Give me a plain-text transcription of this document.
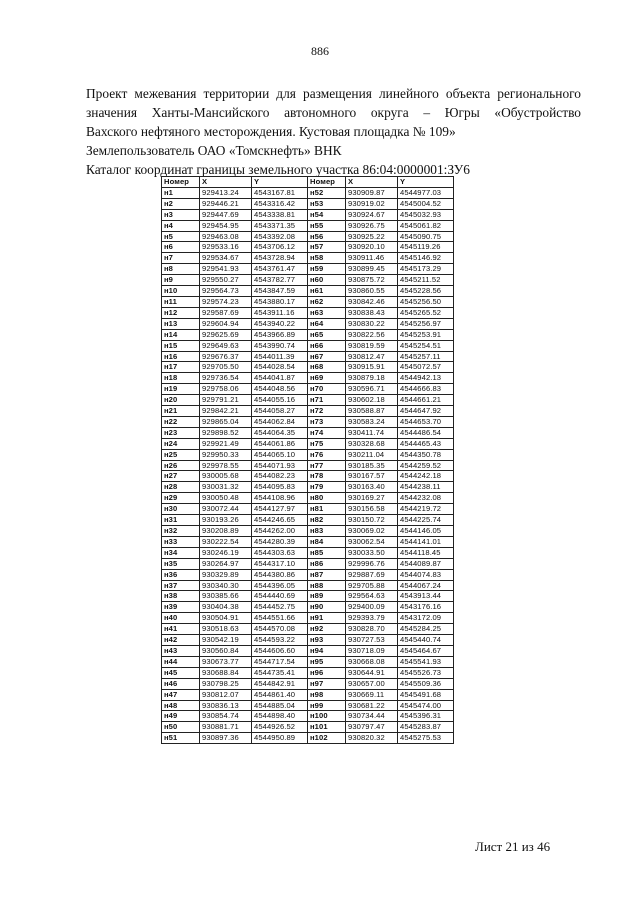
886

Проект межевания территории для размещения линейного объекта регионального

значения Ханты-Мансийского автономного округа – Югры «Обустройство

Вахского нефтяного месторождения. Кустовая площадка № 109»

Землепользователь ОАО «Томскнефть» ВНК

Каталог координат границы земельного участка 86:04:0000001:ЗУ6

Номер	X	Y	Номер	X	Y
н1	929413.24	4543167.81	н52	930909.87	4544977.03
н2	929446.21	4543316.42	н53	930919.02	4545004.52
н3	929447.69	4543338.81	н54	930924.67	4545032.93
н4	929454.95	4543371.35	н55	930926.75	4545061.82
н5	929463.08	4543392.08	н56	930925.22	4545090.75
н6	929533.16	4543706.12	н57	930920.10	4545119.26
н7	929534.67	4543728.94	н58	930911.46	4545146.92
н8	929541.93	4543761.47	н59	930899.45	4545173.29
н9	929550.27	4543782.77	н60	930875.72	4545211.52
н10	929564.73	4543847.59	н61	930860.55	4545228.56
н11	929574.23	4543880.17	н62	930842.46	4545256.50
н12	929587.69	4543911.16	н63	930838.43	4545265.52
н13	929604.94	4543940.22	н64	930830.22	4545256.97
н14	929625.69	4543966.89	н65	930822.56	4545253.91
н15	929649.63	4543990.74	н66	930819.59	4545254.51
н16	929676.37	4544011.39	н67	930812.47	4545257.11
н17	929705.50	4544028.54	н68	930915.91	4545072.57
н18	929736.54	4544041.87	н69	930879.18	4544942.13
н19	929758.06	4544048.56	н70	930596.71	4544666.83
н20	929791.21	4544055.16	н71	930602.18	4544661.21
н21	929842.21	4544058.27	н72	930588.87	4544647.92
н22	929865.04	4544062.84	н73	930583.24	4544653.70
н23	929898.52	4544064.35	н74	930411.74	4544486.54
н24	929921.49	4544061.86	н75	930328.68	4544465.43
н25	929950.33	4544065.10	н76	930211.04	4544350.78
н26	929978.55	4544071.93	н77	930185.35	4544259.52
н27	930005.68	4544082.23	н78	930167.57	4544242.18
н28	930031.32	4544095.83	н79	930163.40	4544238.11
н29	930050.48	4544108.96	н80	930169.27	4544232.08
н30	930072.44	4544127.97	н81	930156.58	4544219.72
н31	930193.26	4544246.65	н82	930150.72	4544225.74
н32	930208.89	4544262.00	н83	930069.02	4544146.05
н33	930222.54	4544280.39	н84	930062.54	4544141.01
н34	930246.19	4544303.63	н85	930033.50	4544118.45
н35	930264.97	4544317.10	н86	929996.76	4544089.87
н36	930329.89	4544380.86	н87	929887.69	4544074.83
н37	930340.30	4544396.05	н88	929705.88	4544067.24
н38	930385.66	4544440.69	н89	929564.63	4543913.44
н39	930404.38	4544452.75	н90	929400.09	4543176.16
н40	930504.91	4544551.66	н91	929393.79	4543172.09
н41	930518.63	4544570.08	н92	930828.70	4545284.25
н42	930542.19	4544593.22	н93	930727.53	4545440.74
н43	930560.84	4544606.60	н94	930718.09	4545464.67
н44	930673.77	4544717.54	н95	930668.08	4545541.93
н45	930688.84	4544735.41	н96	930644.91	4545526.73
н46	930798.25	4544842.91	н97	930657.00	4545509.36
н47	930812.07	4544861.40	н98	930669.11	4545491.68
н48	930836.13	4544885.04	н99	930681.22	4545474.00
н49	930854.74	4544898.40	н100	930734.44	4545396.31
н50	930881.71	4544926.52	н101	930797.47	4545283.87
н51	930897.36	4544950.89	н102	930820.32	4545275.53
Лист 21 из 46
